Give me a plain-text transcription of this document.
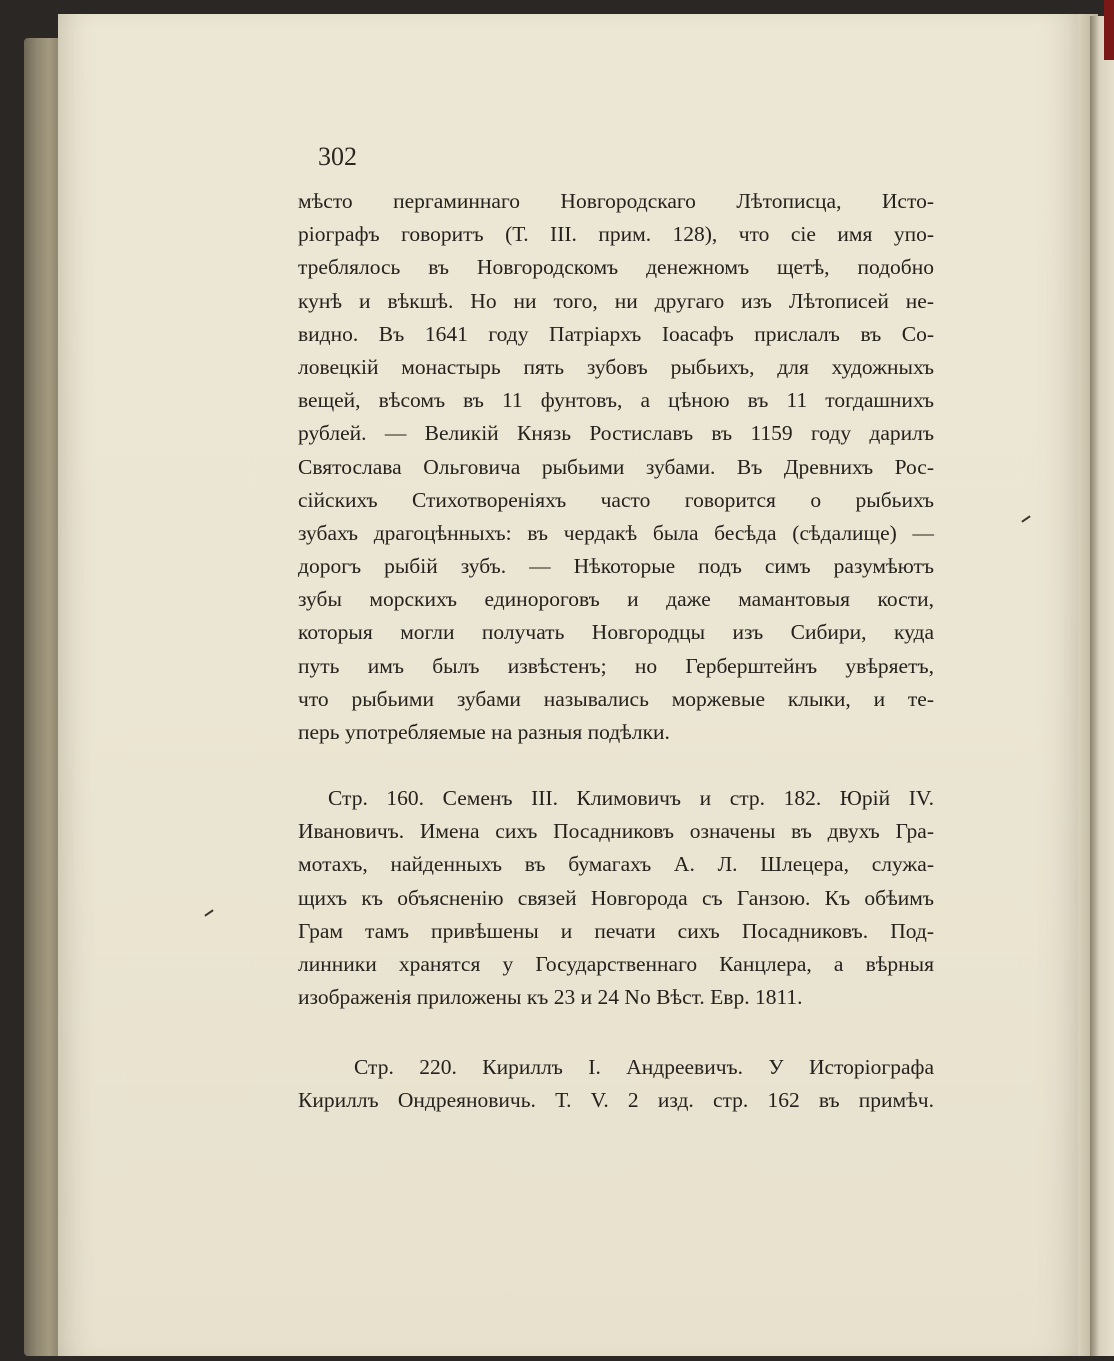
302

мѣсто пергаминнаго Новгородскаго Лѣтописца, Исто-
ріографъ говоритъ (Т. III. прим. 128), что сіе имя упо-
треблялось въ Новгородскомъ денежномъ щетѣ, подобно
кунѣ и вѣкшѣ. Но ни того, ни другаго изъ Лѣтописей не-
видно. Въ 1641 году Патріархъ Іоасафъ прислалъ въ Со-
ловецкій монастырь пять зубовъ рыбьихъ, для художныхъ
вещей, вѣсомъ въ 11 фунтовъ, а цѣною въ 11 тогдашнихъ
рублей. — Великій Князь Ростиславъ въ 1159 году дарилъ
Святослава Ольговича рыбьими зубами. Въ Древнихъ Рос-
сійскихъ Стихотвореніяхъ часто говорится о рыбьихъ
зубахъ драгоцѣнныхъ: въ чердакѣ была бесѣда (сѣдалище) —
дорогъ рыбій зубъ. — Нѣкоторые подъ симъ разумѣютъ
зубы морскихъ единороговъ и даже мамантовыя кости,
которыя могли получать Новгородцы изъ Сибири, куда
путь имъ былъ извѣстенъ; но Герберштейнъ увѣряетъ,
что рыбьими зубами назывались моржевые клыки, и те-
перь употребляемые на разныя подѣлки.

Стр. 160. Семенъ III. Климовичъ и стр. 182. Юрій IV.
Ивановичъ. Имена сихъ Посадниковъ означены въ двухъ Гра-
мотахъ, найденныхъ въ бумагахъ А. Л. Шлецера, служа-
щихъ къ объясненію связей Новгорода съ Ганзою. Къ обѣимъ
Грам тамъ привѣшены и печати сихъ Посадниковъ. Под-
линники хранятся у Государственнаго Канцлера, а вѣрныя
изображенія приложены къ 23 и 24 No Вѣст. Евр. 1811.

Стр. 220. Кириллъ I. Андреевичъ. У Исторіографа
Кириллъ Ондреяновичь. Т. V. 2 изд. стр. 162 въ примѣч.
